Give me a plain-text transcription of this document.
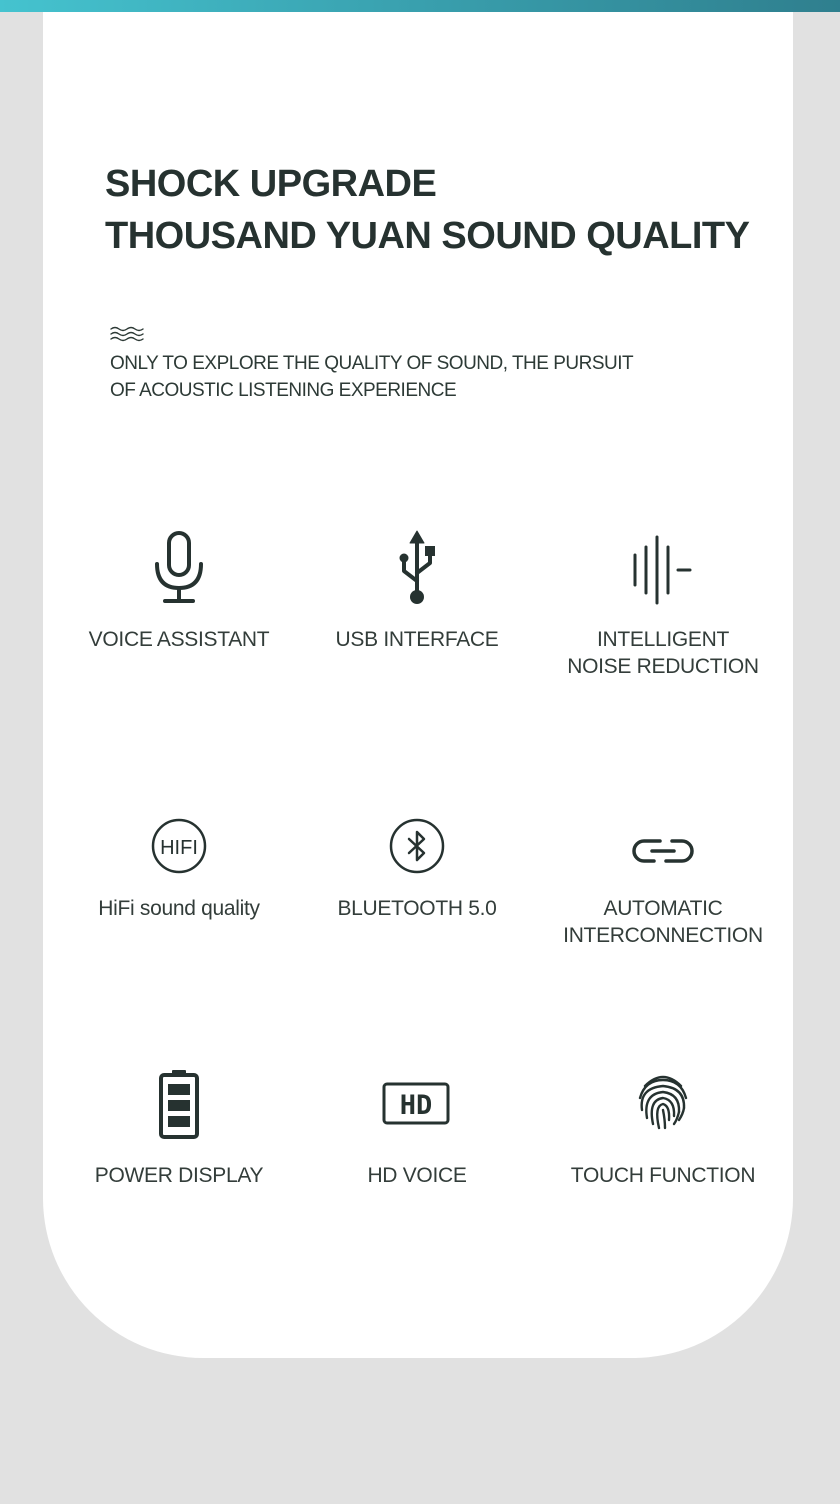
SHOCK UPGRADE
THOUSAND YUAN SOUND QUALITY
ONLY TO EXPLORE THE QUALITY OF SOUND, THE PURSUIT
OF ACOUSTIC LISTENING EXPERIENCE
VOICE ASSISTANT	USB INTERFACE	INTELLIGENT
NOISE REDUCTION
HIFI
HiFi sound quality	BLUETOOTH 5.0	AUTOMATIC
INTERCONNECTION
POWER DISPLAY
HD
HD VOICE	TOUCH FUNCTION
